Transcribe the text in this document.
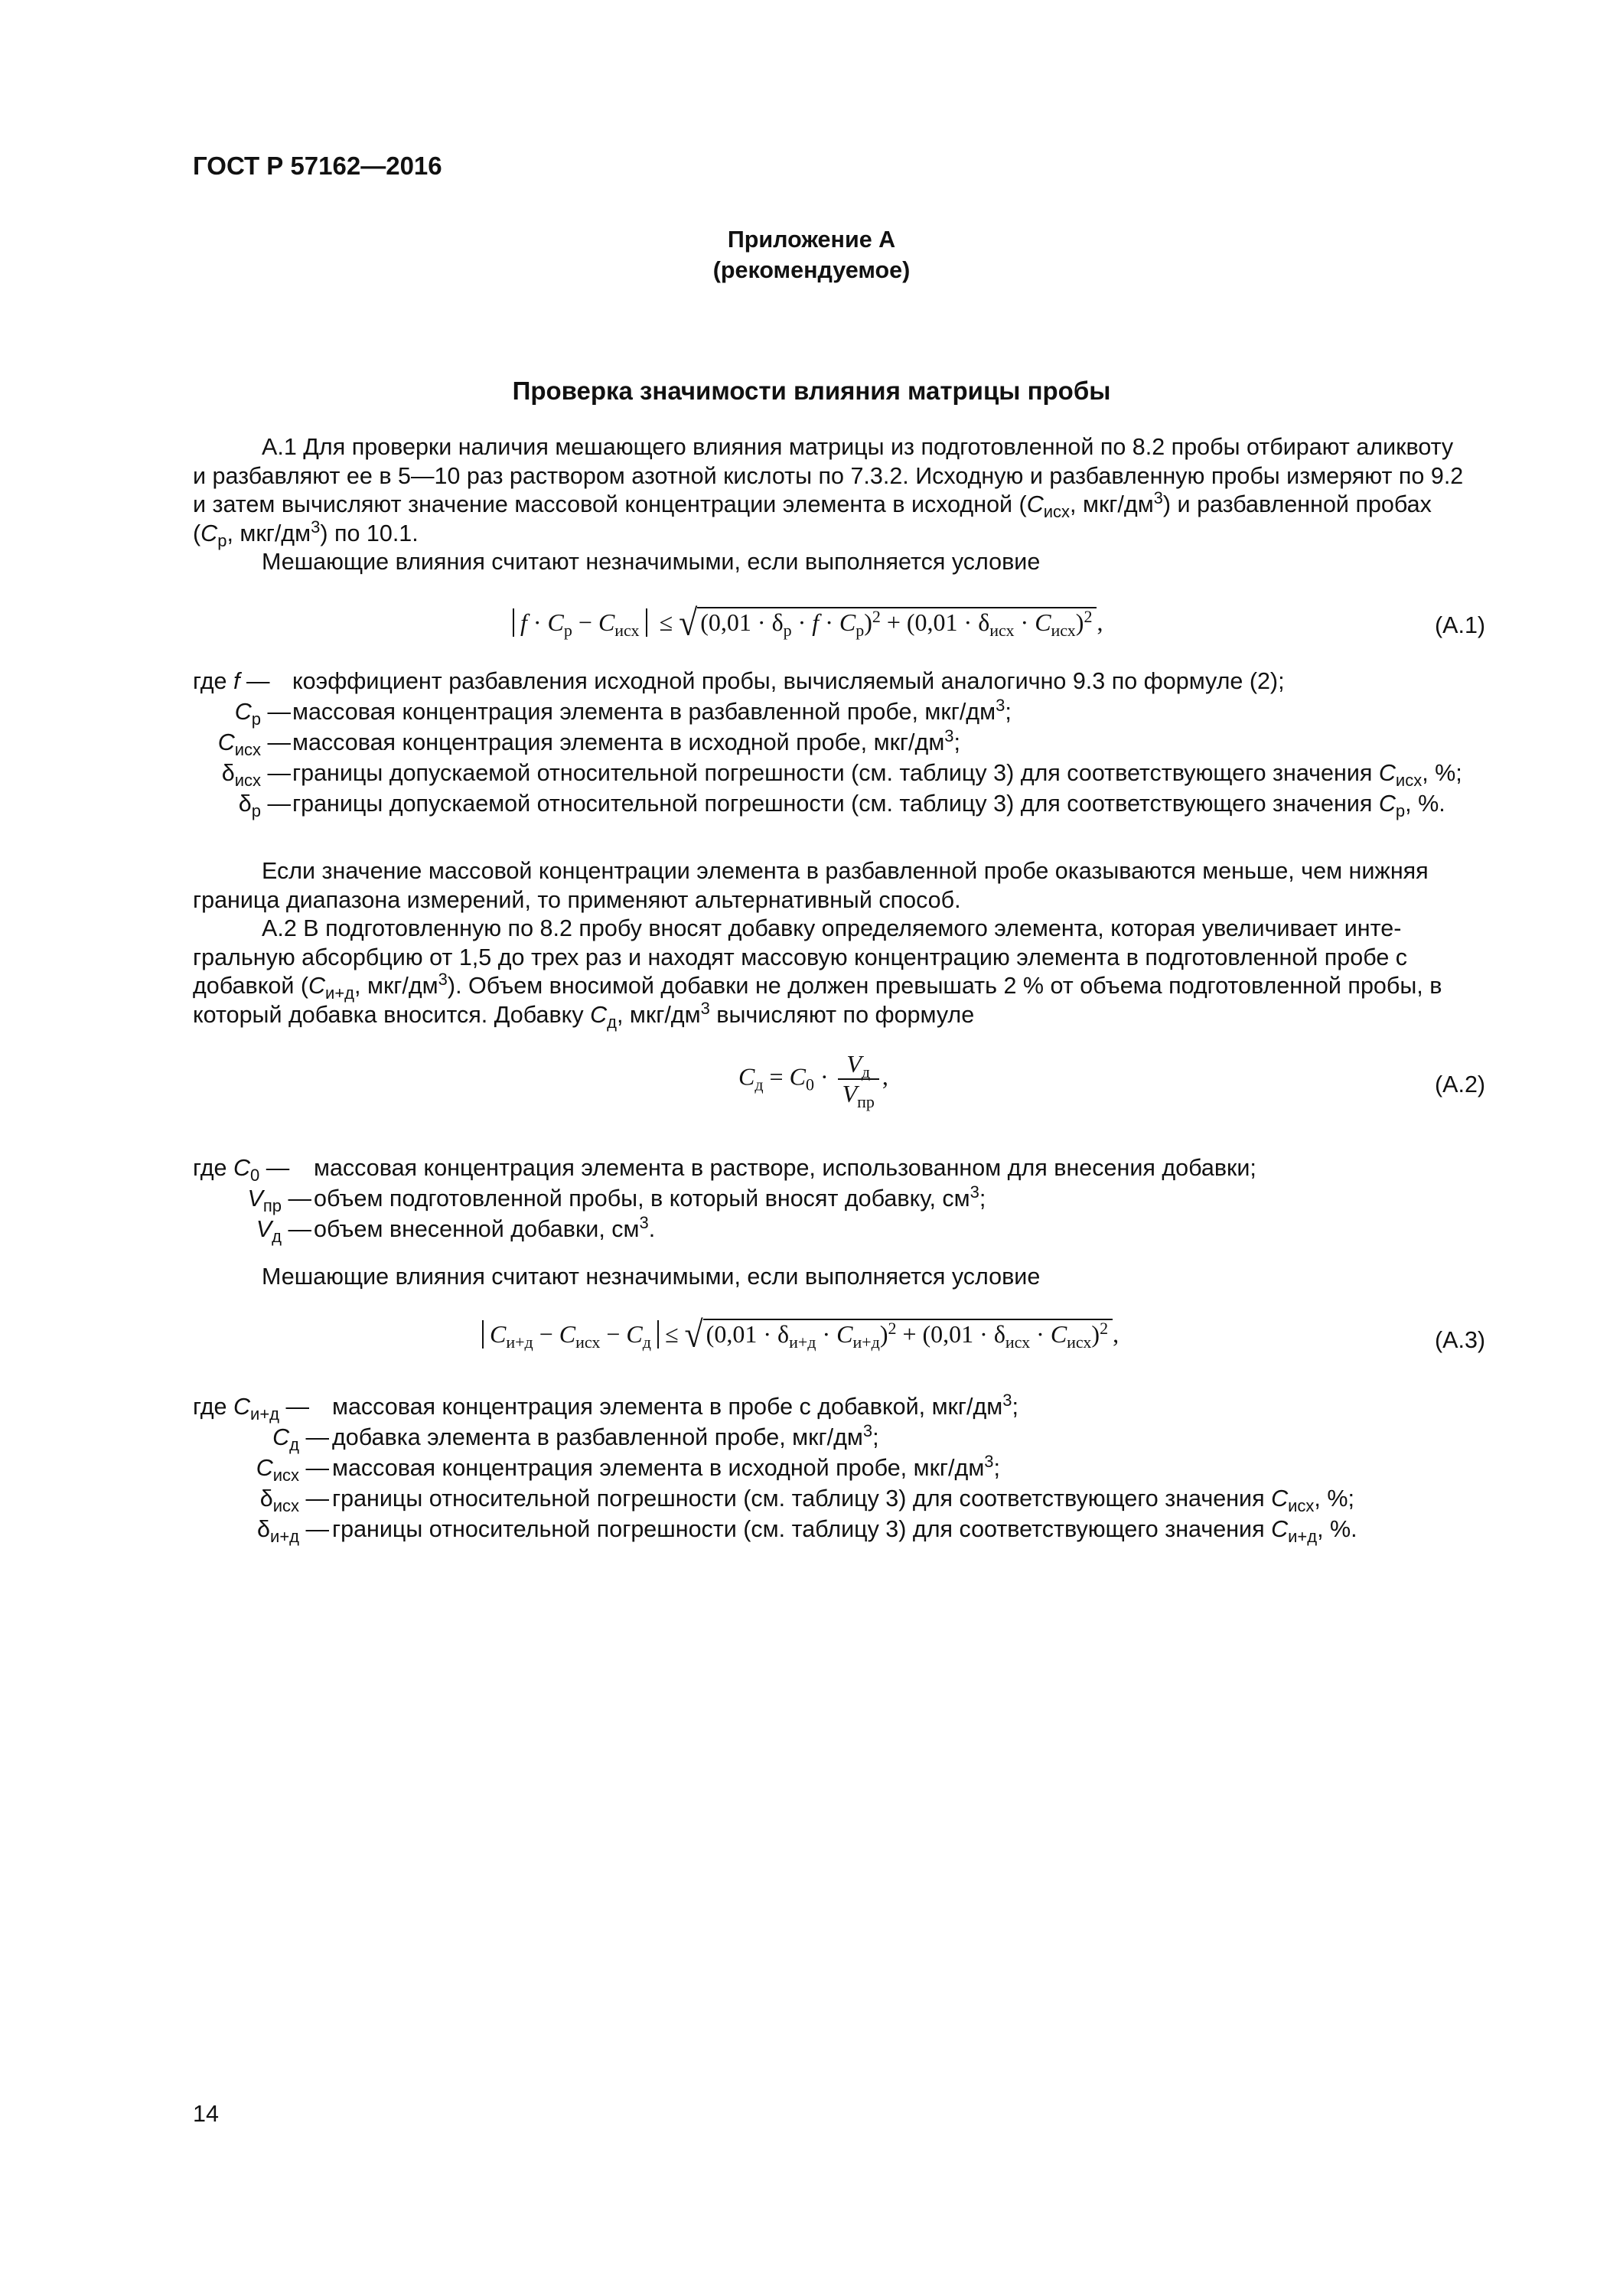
ГОСТ Р 57162—2016
Приложение А
(рекомендуемое)
Проверка значимости влияния матрицы пробы
А.1 Для проверки наличия мешающего влияния матрицы из подготовленной по 8.2 пробы отбирают аликвоту
и разбавляют ее в 5—10 раз раствором азотной кислоты по 7.3.2. Исходную и разбавленную пробы измеряют по 9.2
и затем вычисляют значение массовой концентрации элемента в исходной ($C_{исх}$, мкг/$дм^3$) и разбавленной пробах
($C_р$, мкг/$дм^3$) по 10.1.
Мешающие влияния считают незначимыми, если выполняется условие
$f \cdot C_р - C_{исх}$  ≤ √ $(0,01 \cdot \delta_р \cdot f \cdot C_р)^2 + (0,01 \cdot \delta_{исх} \cdot C_{исх})^2$ ,	(А.1)
где f — коэффициент разбавления исходной пробы, вычисляемый аналогично 9.3 по формуле (2);
$C_р$ — массовая концентрация элемента в разбавленной пробе, мкг/$дм^3$;
$C_{исх}$ — массовая концентрация элемента в исходной пробе, мкг/$дм^3$;
$\delta_{исх}$ — границы допускаемой относительной погрешности (см. таблицу 3) для соответствующего значения $C_{исх}$, %;
$\delta_р$ — границы допускаемой относительной погрешности (см. таблицу 3) для соответствующего значения $C_р$, %.
Если значение массовой концентрации элемента в разбавленной пробе оказываются меньше, чем нижняя
граница диапазона измерений, то применяют альтернативный способ.
А.2 В подготовленную по 8.2 пробу вносят добавку определяемого элемента, которая увеличивает инте-
гральную абсорбцию от 1,5 до трех раз и находят массовую концентрацию элемента в подготовленной пробе с
добавкой ($C_{и+д}$, мкг/$дм^3$). Объем вносимой добавки не должен превышать 2 % от объема подготовленной пробы, в
который добавка вносится. Добавку $C_д$, мкг/$дм^3$ вычисляют по формуле
$C_д = C_0 \cdot \frac{V_д}{V_{пр}}$ ,	(А.2)
где $C_0$ —	массовая концентрация элемента в растворе, использованном для внесения добавки;
$V_{пр}$ — объем подготовленной пробы, в который вносят добавку, $см^3$;
$V_д$ — объем внесенной добавки, $см^3$.
Мешающие влияния считают незначимыми, если выполняется условие
$C_{и+д} - C_{исх} - C_д$ ≤ √ $(0,01 \cdot \delta_{и+д} \cdot C_{и+д})^2 + (0,01 \cdot \delta_{исх} \cdot C_{исх})^2$ ,	(А.3)
где $C_{и+д}$ — массовая концентрация элемента в пробе с добавкой, мкг/$дм^3$;
$C_д$ — добавка элемента в разбавленной пробе, мкг/$дм^3$;
$C_{исх}$ — массовая концентрация элемента в исходной пробе, мкг/$дм^3$;
$\delta_{исх}$ — границы относительной погрешности (см. таблицу 3) для соответствующего значения $C_{исх}$, %;
$\delta_{и+д}$ — границы относительной погрешности (см. таблицу 3) для соответствующего значения $C_{и+д}$, %.
14
